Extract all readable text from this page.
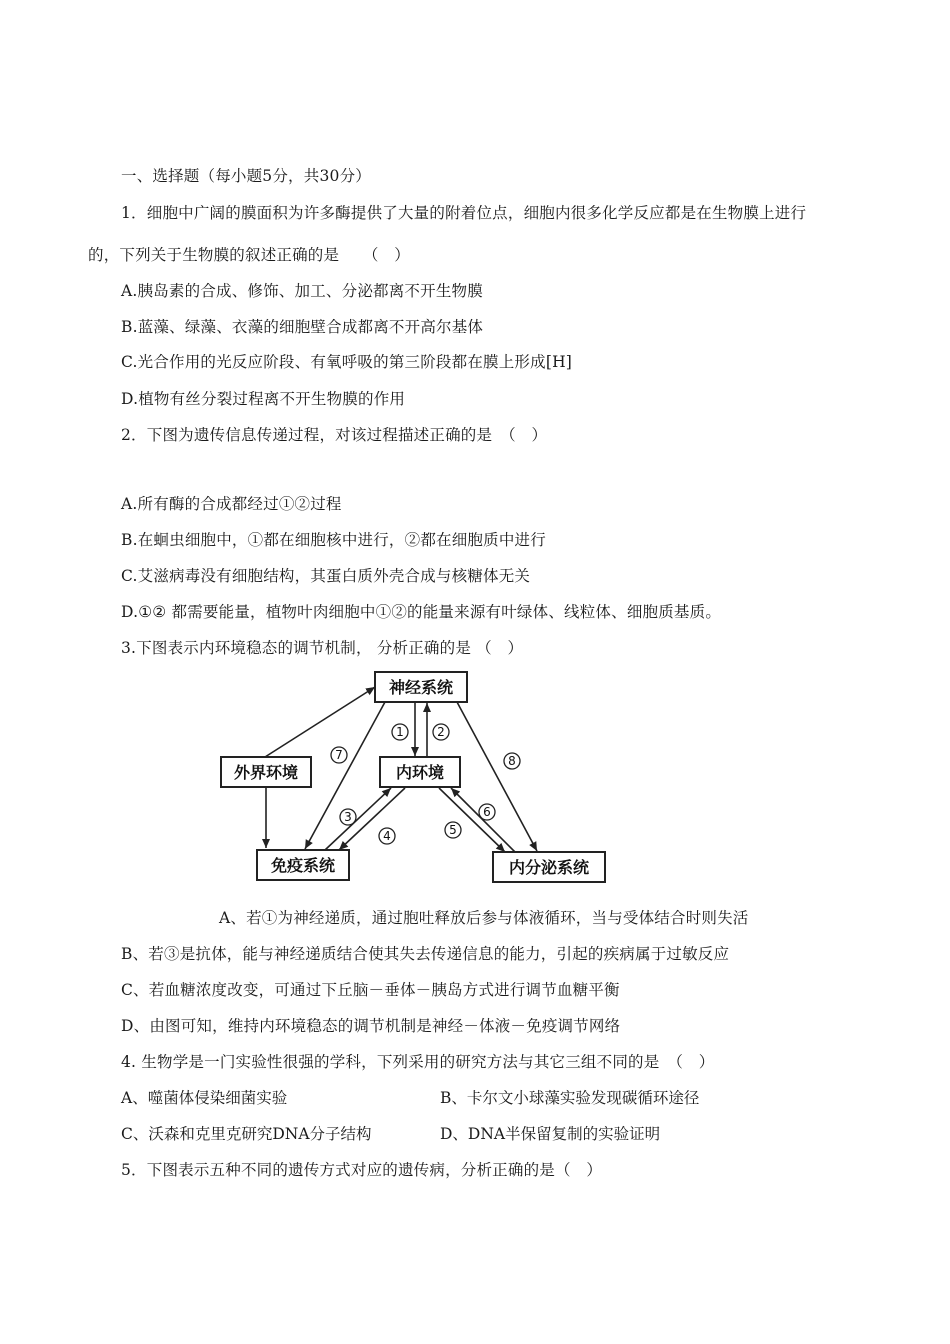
一、选择题（每小题5分，共30分）
1．细胞中广阔的膜面积为许多酶提供了大量的附着位点，细胞内很多化学反应都是在生物膜上进行
的，下列关于生物膜的叙述正确的是　　（　）
A.胰岛素的合成、修饰、加工、分泌都离不开生物膜
B.蓝藻、绿藻、衣藻的细胞壁合成都离不开高尔基体
C.光合作用的光反应阶段、有氧呼吸的第三阶段都在膜上形成[H]
D.植物有丝分裂过程离不开生物膜的作用
2．下图为遗传信息传递过程，对该过程描述正确的是　（　）
A.所有酶的合成都经过①②过程
B.在蛔虫细胞中，①都在细胞核中进行，②都在细胞质中进行
C.艾滋病毒没有细胞结构，其蛋白质外壳合成与核糖体无关
D.①② 都需要能量，植物叶肉细胞中①②的能量来源有叶绿体、线粒体、细胞质基质。
3.下图表示内环境稳态的调节机制， 分析正确的是 （　）
神经系统
外界环境	内环境
免疫系统	内分泌系统
1	2
7	8
3
4	5
6
A、若①为神经递质，通过胞吐释放后参与体液循环，当与受体结合时则失活
B、若③是抗体，能与神经递质结合使其失去传递信息的能力，引起的疾病属于过敏反应
C、若血糖浓度改变，可通过下丘脑－垂体－胰岛方式进行调节血糖平衡
D、由图可知，维持内环境稳态的调节机制是神经－体液－免疫调节网络
4. 生物学是一门实验性很强的学科，下列采用的研究方法与其它三组不同的是　（　）
A、噬菌体侵染细菌实验	B、卡尔文小球藻实验发现碳循环途径
C、沃森和克里克研究DNA分子结构	D、DNA半保留复制的实验证明
5．下图表示五种不同的遗传方式对应的遗传病，分析正确的是（　）
